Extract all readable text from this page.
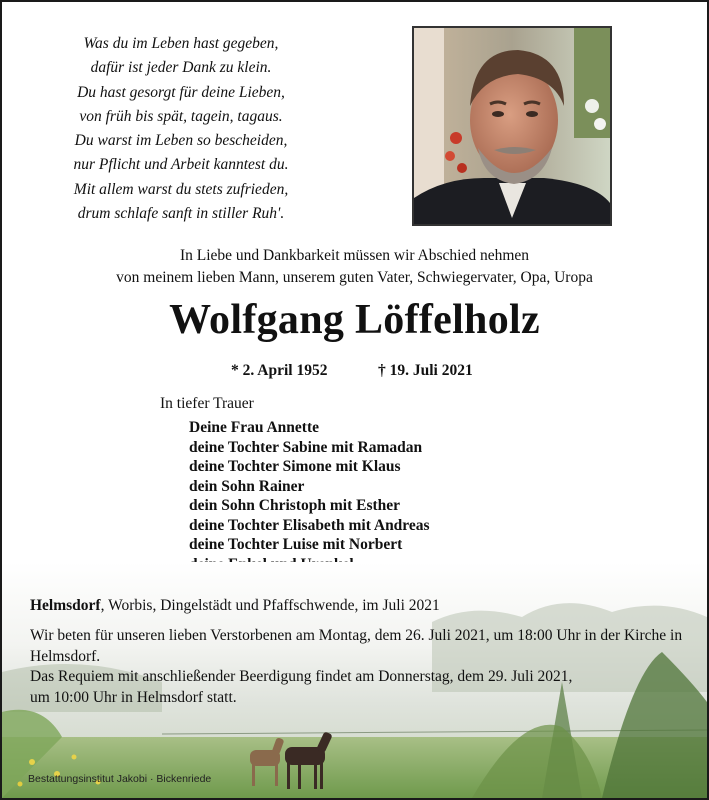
Was du im Leben hast gegeben,
dafür ist jeder Dank zu klein.
Du hast gesorgt für deine Lieben,
von früh bis spät, tagein, tagaus.
Du warst im Leben so bescheiden,
nur Pflicht und Arbeit kanntest du.
Mit allem warst du stets zufrieden,
drum schlafe sanft in stiller Ruh'.
In Liebe und Dankbarkeit müssen wir Abschied nehmen
von meinem lieben Mann, unserem guten Vater, Schwiegervater, Opa, Uropa
Wolfgang Löffelholz
* 2. April 1952	† 19. Juli 2021
In tiefer Trauer
Deine Frau Annette
deine Tochter Sabine mit Ramadan
deine Tochter Simone mit Klaus
dein Sohn Rainer
dein Sohn Christoph mit Esther
deine Tochter Elisabeth mit Andreas
deine Tochter Luise mit Norbert
Helmsdorf, Worbis, Dingelstädt und Pfaffschwende, im Juli 2021

Wir beten für unseren lieben Verstorbenen am Montag, dem 26. Juli 2021, um 18:00 Uhr in der Kirche in Helmsdorf.

Das Requiem mit anschließender Beerdigung findet am Donnerstag, dem 29. Juli 2021,

um 10:00 Uhr in Helmsdorf statt.

Bestattungsinstitut Jakobi · Bickenriede
